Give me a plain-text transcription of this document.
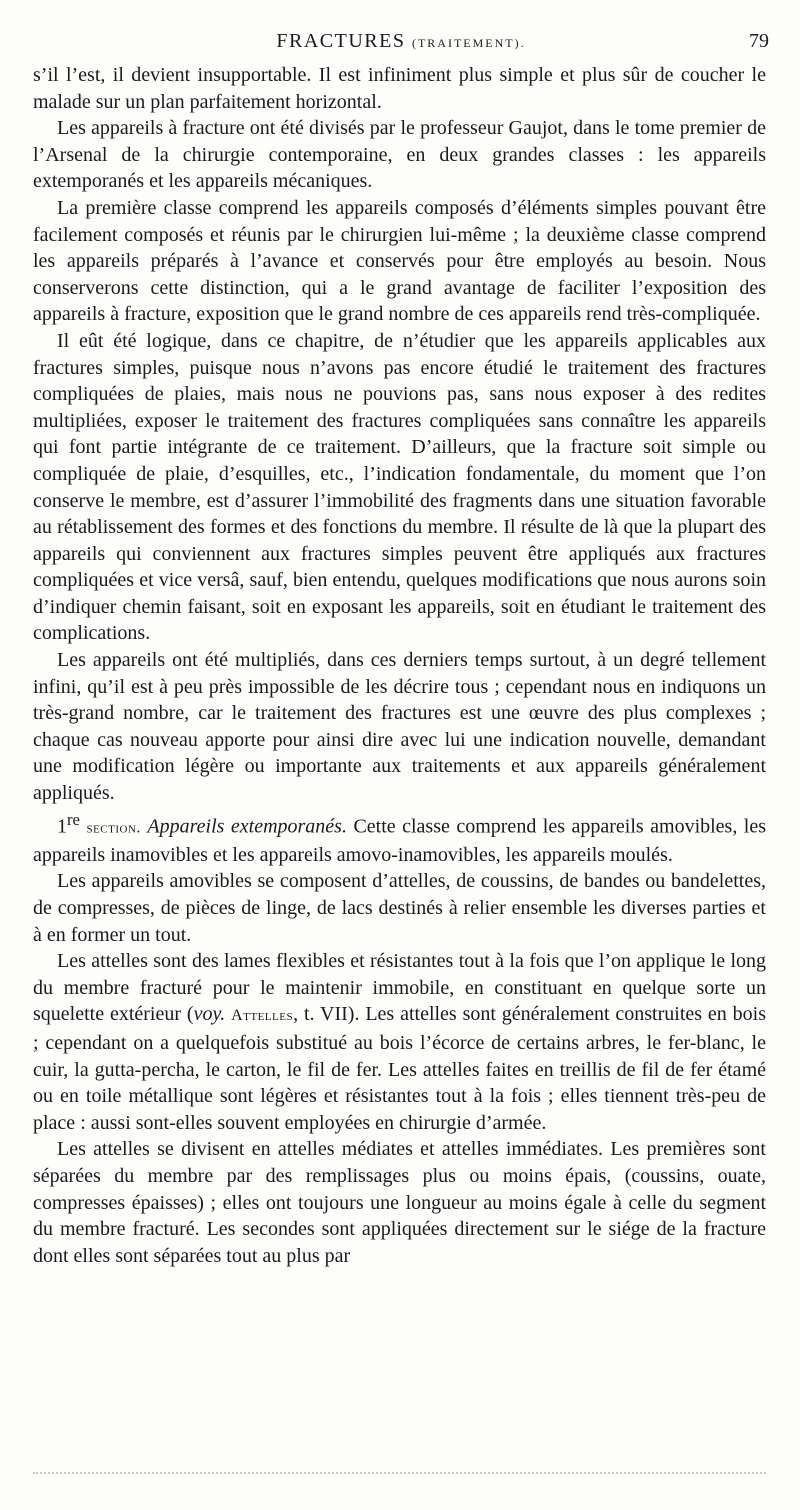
FRACTURES (TRAITEMENT).	79

s’il l’est, il devient insupportable. Il est infiniment plus simple et plus sûr de coucher le malade sur un plan parfaitement horizontal.

Les appareils à fracture ont été divisés par le professeur Gaujot, dans le tome premier de l’Arsenal de la chirurgie contemporaine, en deux grandes classes : les appareils extemporanés et les appareils mécaniques.

La première classe comprend les appareils composés d’éléments simples pouvant être facilement composés et réunis par le chirurgien lui-même ; la deuxième classe comprend les appareils préparés à l’avance et conservés pour être employés au besoin. Nous conserverons cette distinction, qui a le grand avantage de faciliter l’exposition des appareils à fracture, exposition que le grand nombre de ces appareils rend très-compliquée.

Il eût été logique, dans ce chapitre, de n’étudier que les appareils applicables aux fractures simples, puisque nous n’avons pas encore étudié le traitement des fractures compliquées de plaies, mais nous ne pouvions pas, sans nous exposer à des redites multipliées, exposer le traitement des fractures compliquées sans connaître les appareils qui font partie intégrante de ce traitement. D’ailleurs, que la fracture soit simple ou compliquée de plaie, d’esquilles, etc., l’indication fondamentale, du moment que l’on conserve le membre, est d’assurer l’immobilité des fragments dans une situation favorable au rétablissement des formes et des fonctions du membre. Il résulte de là que la plupart des appareils qui conviennent aux fractures simples peuvent être appliqués aux fractures compliquées et vice versâ, sauf, bien entendu, quelques modifications que nous aurons soin d’indiquer chemin faisant, soit en exposant les appareils, soit en étudiant le traitement des complications.

Les appareils ont été multipliés, dans ces derniers temps surtout, à un degré tellement infini, qu’il est à peu près impossible de les décrire tous ; cependant nous en indiquons un très-grand nombre, car le traitement des fractures est une œuvre des plus complexes ; chaque cas nouveau apporte pour ainsi dire avec lui une indication nouvelle, demandant une modification légère ou importante aux traitements et aux appareils généralement appliqués.

1re section. Appareils extemporanés. Cette classe comprend les appareils amovibles, les appareils inamovibles et les appareils amovo-inamovibles, les appareils moulés.

Les appareils amovibles se composent d’attelles, de coussins, de bandes ou bandelettes, de compresses, de pièces de linge, de lacs destinés à relier ensemble les diverses parties et à en former un tout.

Les attelles sont des lames flexibles et résistantes tout à la fois que l’on applique le long du membre fracturé pour le maintenir immobile, en constituant en quelque sorte un squelette extérieur (voy. Attelles, t. VII). Les attelles sont généralement construites en bois ; cependant on a quelquefois substitué au bois l’écorce de certains arbres, le fer-blanc, le cuir, la gutta-percha, le carton, le fil de fer. Les attelles faites en treillis de fil de fer étamé ou en toile métallique sont légères et résistantes tout à la fois ; elles tiennent très-peu de place : aussi sont-elles souvent employées en chirurgie d’armée.

Les attelles se divisent en attelles médiates et attelles immédiates. Les premières sont séparées du membre par des remplissages plus ou moins épais, (coussins, ouate, compresses épaisses) ; elles ont toujours une longueur au moins égale à celle du segment du membre fracturé. Les secondes sont appliquées directement sur le siége de la fracture dont elles sont séparées tout au plus par
